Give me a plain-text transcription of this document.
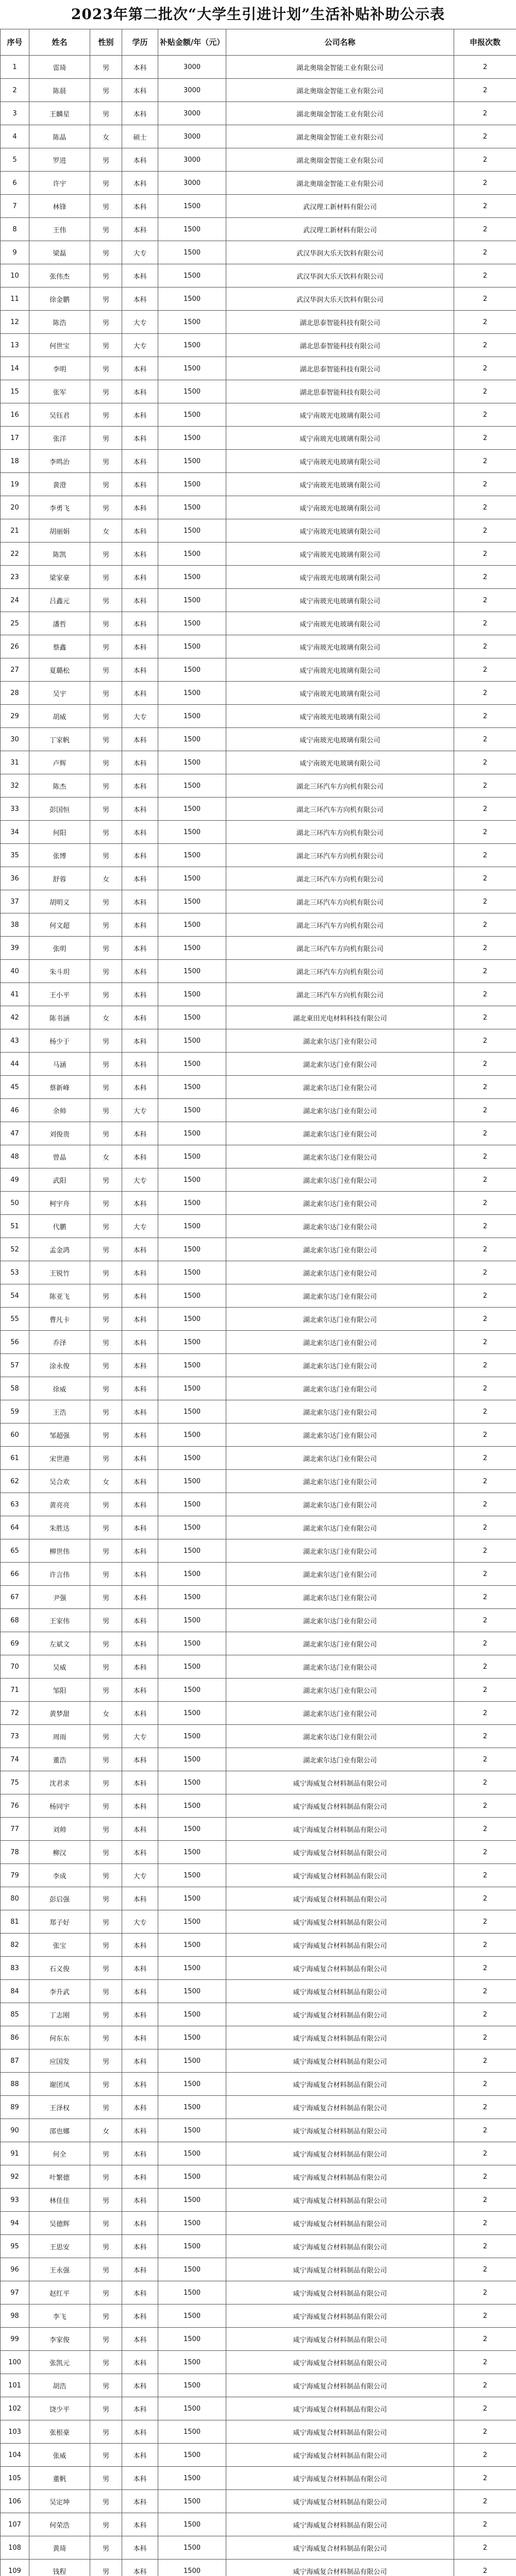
2023年第二批次“大学生引进计划”生活补贴补助公示表
序号	姓名	性别	学历	补贴金额/年（元）	公司名称	申报次数
1	雷琦	男	本科	3000	湖北奥瑞金智能工业有限公司	2
2	陈晨	男	本科	3000	湖北奥瑞金智能工业有限公司	2
3	王麟星	男	本科	3000	湖北奥瑞金智能工业有限公司	2
4	陈晶	女	硕士	3000	湖北奥瑞金智能工业有限公司	2
5	罗进	男	本科	3000	湖北奥瑞金智能工业有限公司	2
6	许宇	男	本科	3000	湖北奥瑞金智能工业有限公司	2
7	林锋	男	本科	1500	武汉理工新材料有限公司	2
8	王伟	男	本科	1500	武汉理工新材料有限公司	2
9	梁磊	男	大专	1500	武汉华润大乐天饮料有限公司	2
10	张伟杰	男	本科	1500	武汉华润大乐天饮料有限公司	2
11	徐金鹏	男	本科	1500	武汉华润大乐天饮料有限公司	2
12	陈浩	男	大专	1500	湖北思泰智能科技有限公司	2
13	何世宝	男	大专	1500	湖北思泰智能科技有限公司	2
14	李明	男	本科	1500	湖北思泰智能科技有限公司	2
15	张军	男	本科	1500	湖北思泰智能科技有限公司	2
16	吴钰君	男	本科	1500	咸宁南玻光电玻璃有限公司	2
17	张洋	男	本科	1500	咸宁南玻光电玻璃有限公司	2
18	李鸣治	男	本科	1500	咸宁南玻光电玻璃有限公司	2
19	黄澄	男	本科	1500	咸宁南玻光电玻璃有限公司	2
20	李勇飞	男	本科	1500	咸宁南玻光电玻璃有限公司	2
21	胡丽娟	女	本科	1500	咸宁南玻光电玻璃有限公司	2
22	陈凯	男	本科	1500	咸宁南玻光电玻璃有限公司	2
23	梁家豪	男	本科	1500	咸宁南玻光电玻璃有限公司	2
24	吕鑫元	男	本科	1500	咸宁南玻光电玻璃有限公司	2
25	潘哲	男	本科	1500	咸宁南玻光电玻璃有限公司	2
26	蔡鑫	男	本科	1500	咸宁南玻光电玻璃有限公司	2
27	夏璐松	男	本科	1500	咸宁南玻光电玻璃有限公司	2
28	吴宇	男	本科	1500	咸宁南玻光电玻璃有限公司	2
29	胡威	男	大专	1500	咸宁南玻光电玻璃有限公司	2
30	丁家帆	男	本科	1500	咸宁南玻光电玻璃有限公司	2
31	卢辉	男	本科	1500	咸宁南玻光电玻璃有限公司	2
32	陈杰	男	本科	1500	湖北三环汽车方向机有限公司	2
33	彭国恒	男	本科	1500	湖北三环汽车方向机有限公司	2
34	何阳	男	本科	1500	湖北三环汽车方向机有限公司	2
35	张博	男	本科	1500	湖北三环汽车方向机有限公司	2
36	舒蓉	女	本科	1500	湖北三环汽车方向机有限公司	2
37	胡明义	男	本科	1500	湖北三环汽车方向机有限公司	2
38	何文超	男	本科	1500	湖北三环汽车方向机有限公司	2
39	张明	男	本科	1500	湖北三环汽车方向机有限公司	2
40	朱斗玥	男	本科	1500	湖北三环汽车方向机有限公司	2
41	王小平	男	本科	1500	湖北三环汽车方向机有限公司	2
42	陈书涵	女	本科	1500	湖北東田光电材料科技有限公司	2
43	杨少于	男	本科	1500	湖北索尔达门业有限公司	2
44	马涵	男	本科	1500	湖北索尔达门业有限公司	2
45	蔡新峰	男	本科	1500	湖北索尔达门业有限公司	2
46	余帅	男	大专	1500	湖北索尔达门业有限公司	2
47	刘俊贵	男	本科	1500	湖北索尔达门业有限公司	2
48	曾晶	女	本科	1500	湖北索尔达门业有限公司	2
49	武阳	男	大专	1500	湖北索尔达门业有限公司	2
50	柯宇舟	男	本科	1500	湖北索尔达门业有限公司	2
51	代鹏	男	大专	1500	湖北索尔达门业有限公司	2
52	孟金鸿	男	本科	1500	湖北索尔达门业有限公司	2
53	王锐竹	男	本科	1500	湖北索尔达门业有限公司	2
54	陈亚飞	男	本科	1500	湖北索尔达门业有限公司	2
55	曹凡卡	男	本科	1500	湖北索尔达门业有限公司	2
56	乔泽	男	本科	1500	湖北索尔达门业有限公司	2
57	涂永俊	男	本科	1500	湖北索尔达门业有限公司	2
58	徐威	男	本科	1500	湖北索尔达门业有限公司	2
59	王浩	男	本科	1500	湖北索尔达门业有限公司	2
60	邹超强	男	本科	1500	湖北索尔达门业有限公司	2
61	宋世港	男	本科	1500	湖北索尔达门业有限公司	2
62	吴合欢	女	本科	1500	湖北索尔达门业有限公司	2
63	黄亮亮	男	本科	1500	湖北索尔达门业有限公司	2
64	朱胜达	男	本科	1500	湖北索尔达门业有限公司	2
65	柳世伟	男	本科	1500	湖北索尔达门业有限公司	2
66	许言伟	男	本科	1500	湖北索尔达门业有限公司	2
67	尹强	男	本科	1500	湖北索尔达门业有限公司	2
68	王家伟	男	本科	1500	湖北索尔达门业有限公司	2
69	左斌文	男	本科	1500	湖北索尔达门业有限公司	2
70	吴威	男	本科	1500	湖北索尔达门业有限公司	2
71	邹阳	男	本科	1500	湖北索尔达门业有限公司	2
72	黄梦甜	女	本科	1500	湖北索尔达门业有限公司	2
73	周雨	男	大专	1500	湖北索尔达门业有限公司	2
74	董浩	男	本科	1500	湖北索尔达门业有限公司	2
75	沈君求	男	本科	1500	咸宁海威复合材料制品有限公司	2
76	杨同宇	男	本科	1500	咸宁海威复合材料制品有限公司	2
77	刘帅	男	本科	1500	咸宁海威复合材料制品有限公司	2
78	柳汉	男	本科	1500	咸宁海威复合材料制品有限公司	2
79	李成	男	大专	1500	咸宁海威复合材料制品有限公司	2
80	彭启强	男	本科	1500	咸宁海威复合材料制品有限公司	2
81	郑子好	男	大专	1500	咸宁海威复合材料制品有限公司	2
82	张宝	男	本科	1500	咸宁海威复合材料制品有限公司	2
83	石义俊	男	本科	1500	咸宁海威复合材料制品有限公司	2
84	李升武	男	本科	1500	咸宁海威复合材料制品有限公司	2
85	丁志刚	男	本科	1500	咸宁海威复合材料制品有限公司	2
86	何东东	男	本科	1500	咸宁海威复合材料制品有限公司	2
87	应国发	男	本科	1500	咸宁海威复合材料制品有限公司	2
88	谢团凤	男	本科	1500	咸宁海威复合材料制品有限公司	2
89	王泽权	男	本科	1500	咸宁海威复合材料制品有限公司	2
90	邵也娜	女	本科	1500	咸宁海威复合材料制品有限公司	2
91	何全	男	本科	1500	咸宁海威复合材料制品有限公司	2
92	叶繁德	男	本科	1500	咸宁海威复合材料制品有限公司	2
93	林佳佳	男	本科	1500	咸宁海威复合材料制品有限公司	2
94	吴德辉	男	本科	1500	咸宁海威复合材料制品有限公司	2
95	王思安	男	本科	1500	咸宁海威复合材料制品有限公司	2
96	王永强	男	本科	1500	咸宁海威复合材料制品有限公司	2
97	赵红平	男	本科	1500	咸宁海威复合材料制品有限公司	2
98	李飞	男	本科	1500	咸宁海威复合材料制品有限公司	2
99	李家俊	男	本科	1500	咸宁海威复合材料制品有限公司	2
100	张凯元	男	本科	1500	咸宁海威复合材料制品有限公司	2
101	胡浩	男	本科	1500	咸宁海威复合材料制品有限公司	2
102	饶少平	男	本科	1500	咸宁海威复合材料制品有限公司	2
103	张根豪	男	本科	1500	咸宁海威复合材料制品有限公司	2
104	张威	男	本科	1500	咸宁海威复合材料制品有限公司	2
105	董帆	男	本科	1500	咸宁海威复合材料制品有限公司	2
106	吴定坤	男	本科	1500	咸宁海威复合材料制品有限公司	2
107	何荣浩	男	本科	1500	咸宁海威复合材料制品有限公司	2
108	黄琦	男	本科	1500	咸宁海威复合材料制品有限公司	2
109	钱程	男	本科	1500	咸宁海威复合材料制品有限公司	2
